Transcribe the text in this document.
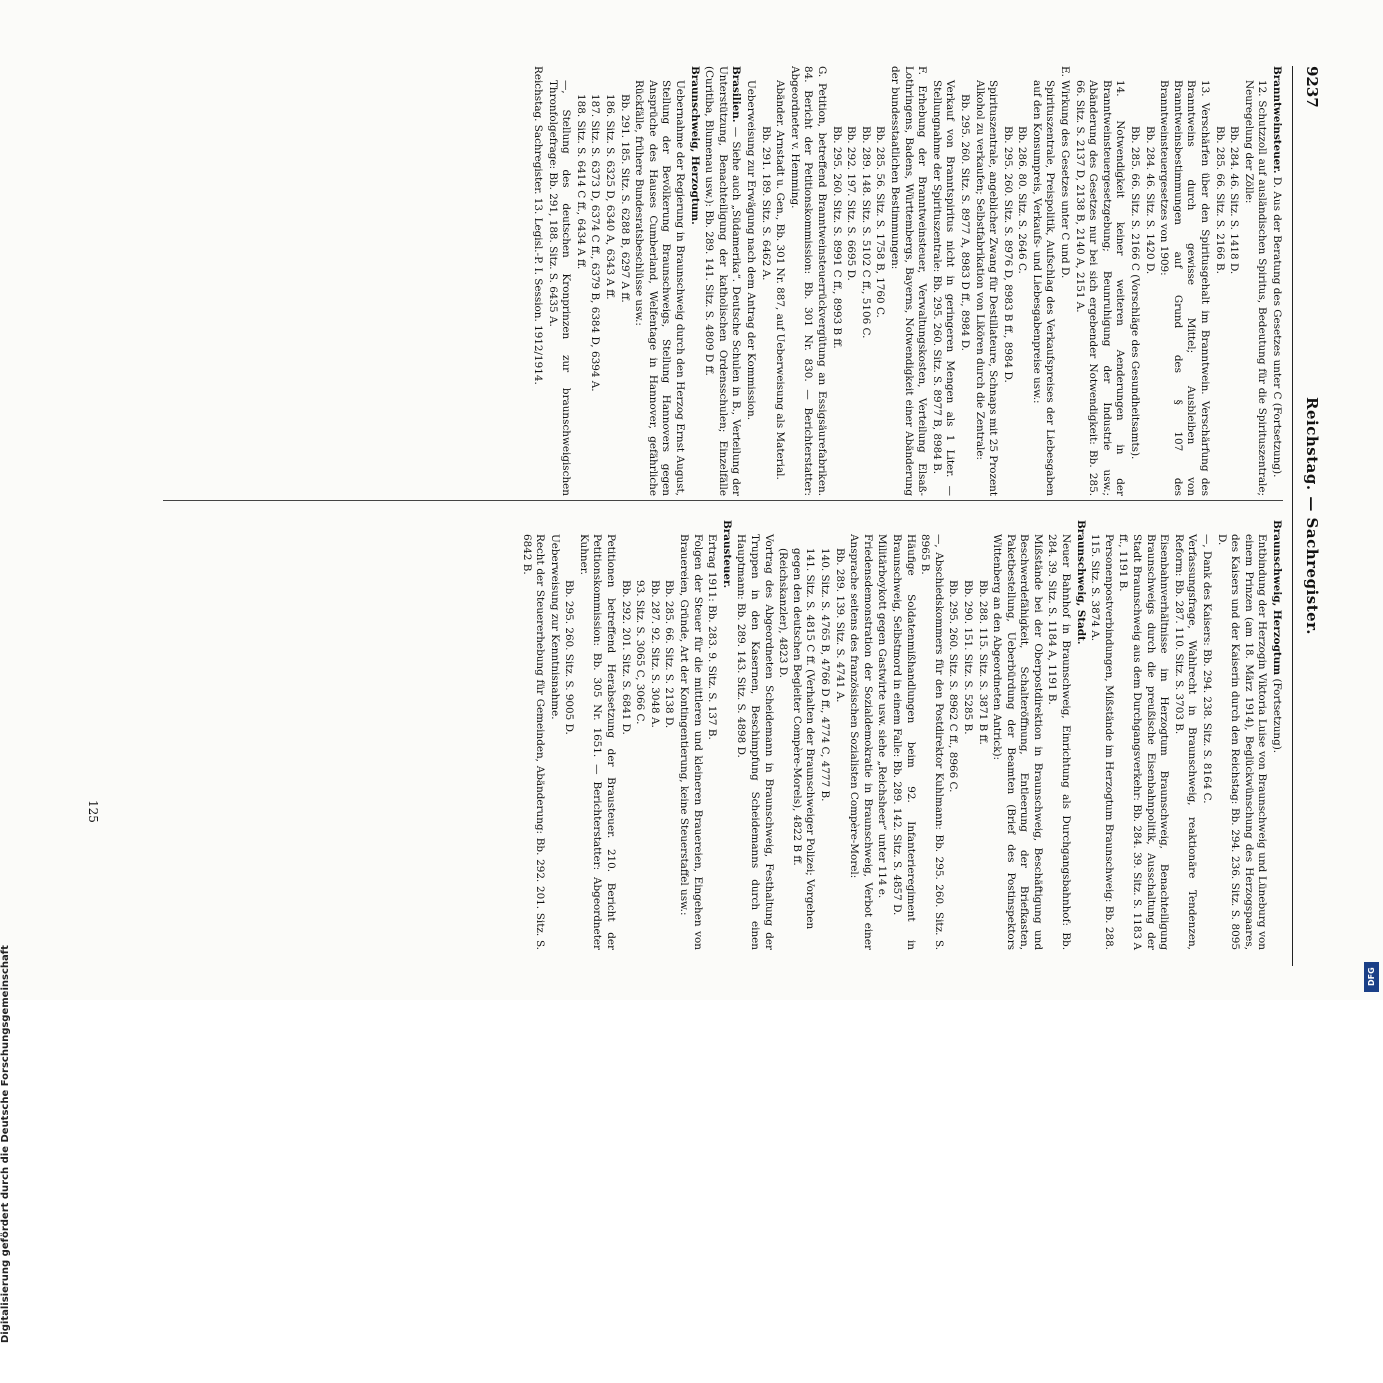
9237
Reichstag. — Sachregister.

Branntweinsteuer. D. Aus der Beratung des Gesetzes unter C (Fortsetzung).

12. Schutzzoll auf ausländischen Spiritus, Bedeutung für die Spirituszentrale; Neuregelung der Zölle:

Bb. 284. 46. Sitz. S. 1418 D.

Bb. 285. 66. Sitz. S. 2166 B.

13. Verschärfen über den Spiritusgehalt im Branntwein. Verschärfung des Branntweins durch gewisse Mittel; Ausbleiben von Branntweinsbestimmungen auf Grund des § 107 des Branntweinsteuergesetzes von 1909:

Bb. 284. 46. Sitz. S. 1420 D.

Bb. 285. 66. Sitz. S. 2166 C (Vorschläge des Gesundheitsamts).

14. Notwendigkeit keiner weiteren Aenderungen in der Branntweinsteuergesetzgebung; Beunruhigung der Industrie usw.; Abänderung des Gesetzes nur bei sich ergebender Notwendigkeit: Bb. 285. 66. Sitz. S. 2137 D, 2138 B, 2140 A, 2151 A.

E. Wirkung des Gesetzes unter C und D.

Spirituszentrale, Preispolitik, Aufschlag des Verkaufspreises der Liebesgaben auf den Konsumpreis, Verkaufs- und Liebesgabenpreise usw.:

Bb. 286. 80. Sitz. S. 2646 C.

Bb. 295. 260. Sitz. S. 8976 D, 8983 B ff., 8984 D.

Spirituszentrale, angeblicher Zwang für Destillateure, Schnaps mit 25 Prozent Alkohol zu verkaufen; Selbstfabrikation von Likören durch die Zentrale:

Bb. 295. 260. Sitz. S. 8977 A, 8983 D ff., 8984 D.

Verkauf von Branntspiritus nicht in geringeren Mengen als 1 Liter. — Stellungnahme der Spirituszentrale: Bb. 295. 260. Sitz. S. 8977 B, 8984 B.

F. Erhebung der Branntweinsteuer, Verwaltungskosten, Verteilung Elsaß-Lothringens, Badens, Württembergs, Bayerns, Notwendigkeit einer Abänderung der bundesstaatlichen Bestimmungen:

Bb. 285. 56. Sitz. S. 1758 B, 1760 C.

Bb. 289. 148. Sitz. S. 5102 C ff., 5106 C.

Bb. 292. 197. Sitz. S. 6695 D.

Bb. 295. 260. Sitz. S. 8991 C ff., 8993 B ff.

G. Petition, betreffend Branntweinsteuerrückvergütung an Essigsäurefabriken. 84. Bericht der Petitionskommission: Bb. 301 Nr. 830. — Berichterstatter: Abgeordneter v. Hemming.

Abänder. Arnstadt u. Gen., Bb. 301 Nr. 887, auf Ueberweisung als Material.

Bb. 291. 189. Sitz. S. 6462 A.

Ueberweisung zur Erwägung nach dem Antrag der Kommission.

Brasilien. — Siehe auch „Südamerika“. Deutsche Schulen in B., Verteilung der Unterstützung, Benachteiligung der katholischen Ordensschulen; Einzelfälle (Curitiba, Blumenau usw.): Bb. 289. 141. Sitz. S. 4809 D ff.

Braunschweig, Herzogtum.

Uebernahme der Regierung in Braunschweig durch den Herzog Ernst August, Stellung der Bevölkerung Braunschweigs, Stellung Hannovers gegen Ansprüche des Hauses Cumberland, Welfentage in Hannover, gefährliche Rückfälle, frühere Bundesratsbeschlüsse usw.:

Bb. 291. 185. Sitz. S. 6288 B, 6297 A ff.

186. Sitz. S. 6325 D, 6340 A, 6343 A ff.

187. Sitz. S. 6373 D, 6374 C ff., 6379 B, 6384 D, 6394 A.

188. Sitz. S. 6414 C ff., 6434 A ff.

—, Stellung des deutschen Kronprinzen zur braunschweigischen Thronfolgefrage: Bb. 291, 188. Sitz. S. 6435 A.

Reichstag. Sachregister. 13. Legisl.-P. I. Session. 1912/1914.

Braunschweig, Herzogtum (Fortsetzung).

Entbindung der Herzogin Viktoria Luise von Braunschweig und Lüneburg von einem Prinzen (am 18. März 1914), Beglückwünschung des Herzogspaares, des Kaisers und der Kaiserin durch den Reichstag: Bb. 294. 236. Sitz. S. 8095 D.

—, Dank des Kaisers: Bb. 294. 238. Sitz. S. 8164 C.

Verfassungsfrage, Wahlrecht in Braunschweig, reaktionäre Tendenzen, Reform: Bb. 287. 110. Sitz. S. 3703 B.

Eisenbahnverhältnisse im Herzogtum Braunschweig, Benachteiligung Braunschweigs durch die preußische Eisenbahnpolitik, Ausschaltung der Stadt Braunschweig aus dem Durchgangsverkehr: Bb. 284. 39. Sitz. S. 1183 A ff., 1191 B.

Personenpostverbindungen, Mißstände im Herzogtum Braunschweig: Bb. 288. 115. Sitz. S. 3874 A.

Braunschweig, Stadt.

Neuer Bahnhof in Braunschweig, Einrichtung als Durchgangsbahnhof: Bb. 284. 39. Sitz. S. 1184 A, 1191 B.

Mißstände bei der Oberpostdirektion in Braunschweig, Beschäftigung und Beschwerdefähigkeit, Schalteröffnung, Entleerung der Briefkasten, Paketbestellung, Ueberbürdung der Beamten (Brief des Postinspektors Wittenberg an den Abgeordneten Antrick):

Bb. 288. 115. Sitz. S. 3871 B ff.

Bb. 290. 151. Sitz. S. 5285 B.

Bb. 295. 260. Sitz. S. 8962 C ff., 8966 C.

—, Abschiedskommers für den Postdirektor Kuhlmann: Bb. 295. 260. Sitz. S. 8965 B.

Häufige Soldatenmißhandlungen beim 92. Infanterieregiment in Braunschweig, Selbstmord in einem Falle: Bb. 289. 142. Sitz. S. 4857 D.

Militärboykott gegen Gastwirte usw. siehe „Reichsheer“ unter 114 e.

Friedensdemonstration der Sozialdemokratie in Braunschweig, Verbot einer Ansprache seitens des französischen Sozialisten Compère-Morel:

Bb. 289. 139. Sitz. S. 4741 A.

140. Sitz. S. 4765 B, 4766 D ff., 4774 C, 4777 B.

141. Sitz. S. 4815 C ff. (Verhalten der Braunschweiger Polizei; Vorgehen gegen den deutschen Begleiter Compère-Morels), 4822 B ff. (Reichskanzler), 4823 D.

Vortrag des Abgeordneten Scheidemann in Braunschweig, Festhaltung der Truppen in den Kasernen, Beschimpfung Scheidemanns durch einen Hauptmann: Bb. 289. 143. Sitz. S. 4898 D.

Brausteuer.

Ertrag 1911: Bb. 283. 9. Sitz. S. 137 B.

Folgen der Steuer für die mittleren und kleineren Brauereien, Eingehen von Brauereien, Gründe, Art der Kontingentierung, keine Steuerstaffel usw.:

Bb. 285. 66. Sitz. S. 2138 D.

Bb. 287. 92. Sitz. S. 3048 A.

93. Sitz. S. 3065 C, 3066 C.

Bb. 292. 201. Sitz. S. 6841 D.

Petitionen betreffend Herabsetzung der Brausteuer. 210. Bericht der Petitionskommission: Bb. 305 Nr. 1651. — Berichterstatter: Abgeordneter Kuhner.

Bb. 295. 260. Sitz. S. 9005 D.

Ueberweisung zur Kenntnisnahme.

Recht der Steuererhebung für Gemeinden, Abänderung: Bb. 292. 201. Sitz. S. 6842 B.

125
Digitalisierung gefördert durch die Deutsche Forschungsgemeinschaft	DFG
